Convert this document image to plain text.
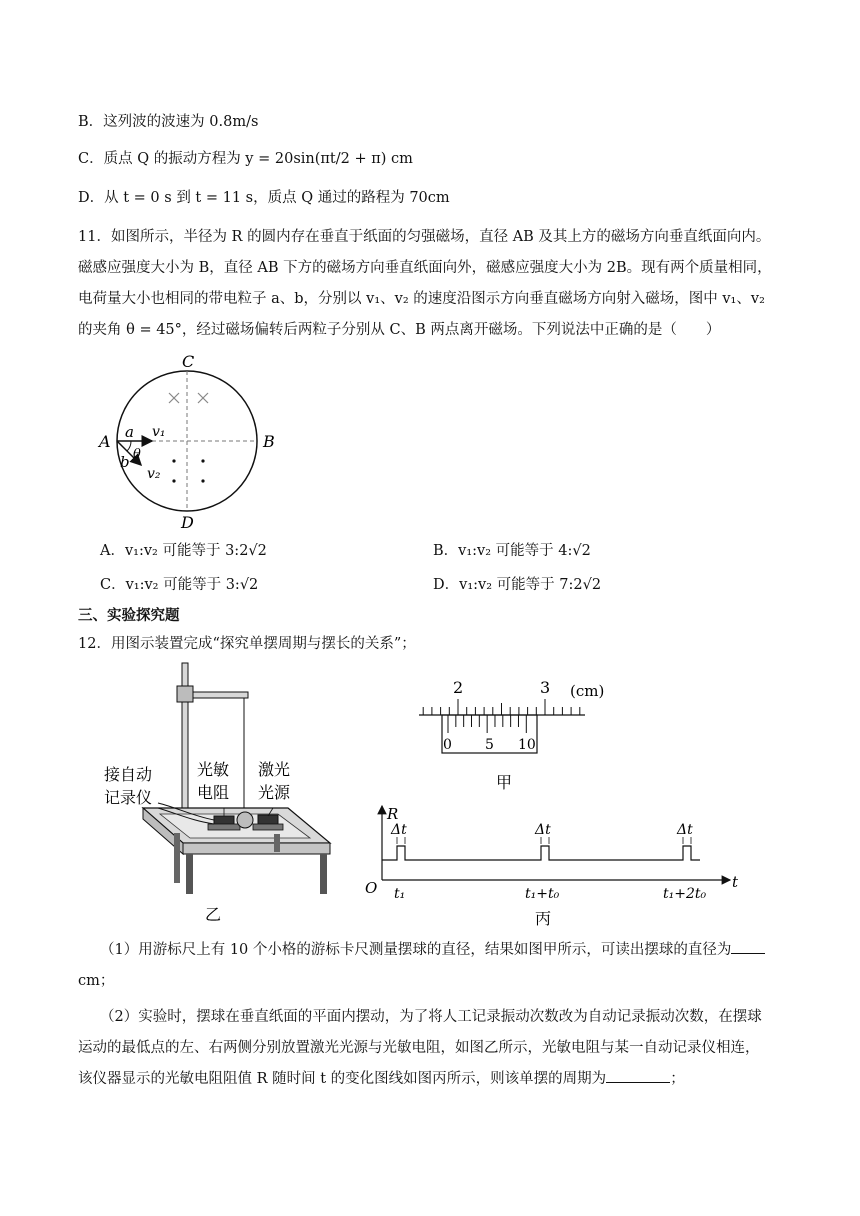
B．这列波的波速为 0.8m/s
C．质点 Q 的振动方程为 y = 20sin(πt/2 + π) cm
D．从 t = 0 s 到 t = 11 s，质点 Q 通过的路程为 70cm
11．如图所示，半径为 R 的圆内存在垂直于纸面的匀强磁场，直径 AB 及其上方的磁场方向垂直纸面向内。
磁感应强度大小为 B，直径 AB 下方的磁场方向垂直纸面向外，磁感应强度大小为 2B。现有两个质量相同，
电荷量大小也相同的带电粒子 a、b，分别以 v₁、v₂ 的速度沿图示方向垂直磁场方向射入磁场，图中 v₁、v₂
的夹角 θ = 45°，经过磁场偏转后两粒子分别从 C、B 两点离开磁场。下列说法中正确的是（　　）
C
D
A	B
a
b
v₁
v₂
θ
A．v₁:v₂ 可能等于 3:2√2	B．v₁:v₂ 可能等于 4:√2
C．v₁:v₂ 可能等于 3:√2	D．v₁:v₂ 可能等于 7:2√2
三、实验探究题
12．用图示装置完成“探究单摆周期与摆长的关系”；
接自动
记录仪
光敏
电阻
激光
光源
乙
2	3 (cm)
0 5 10
甲
R
O	t
Δt	Δt	Δt
t₁	t₁+t₀	t₁+2t₀
丙
（1）用游标尺上有 10 个小格的游标卡尺测量摆球的直径，结果如图甲所示，可读出摆球的直径为
cm；
（2）实验时，摆球在垂直纸面的平面内摆动，为了将人工记录振动次数改为自动记录振动次数，在摆球
运动的最低点的左、右两侧分别放置激光光源与光敏电阻，如图乙所示，光敏电阻与某一自动记录仪相连，
该仪器显示的光敏电阻阻值 R 随时间 t 的变化图线如图丙所示，则该单摆的周期为	；
